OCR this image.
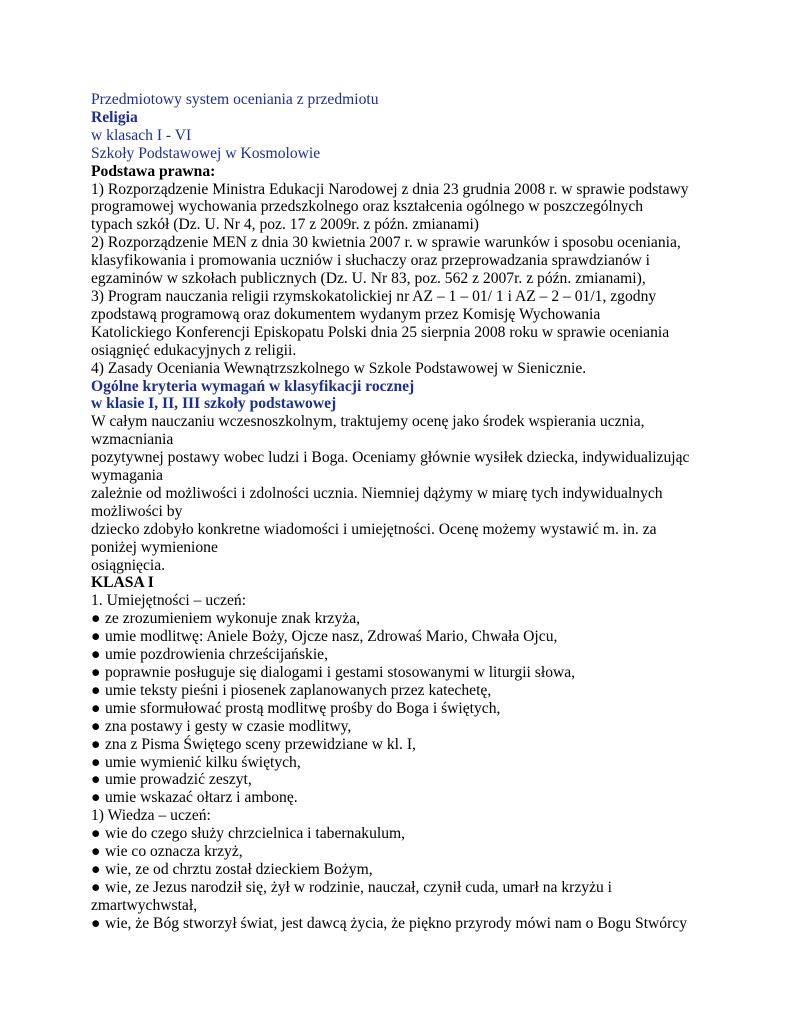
Przedmiotowy system oceniania z przedmiotu
Religia
w klasach I - VI
Szkoły Podstawowej w Kosmolowie
Podstawa prawna:
1) Rozporządzenie Ministra Edukacji Narodowej z dnia 23 grudnia 2008 r. w sprawie podstawy
programowej wychowania przedszkolnego oraz kształcenia ogólnego w poszczególnych
typach szkół (Dz. U. Nr 4, poz. 17 z 2009r. z późn. zmianami)
2) Rozporządzenie MEN z dnia 30 kwietnia 2007 r. w sprawie warunków i sposobu oceniania,
klasyfikowania i promowania uczniów i słuchaczy oraz przeprowadzania sprawdzianów i
egzaminów w szkołach publicznych (Dz. U. Nr 83, poz. 562 z 2007r. z późn. zmianami),
3) Program nauczania religii rzymskokatolickiej nr AZ – 1 – 01/ 1 i AZ – 2 – 01/1, zgodny
zpodstawą programową oraz dokumentem wydanym przez Komisję Wychowania
Katolickiego Konferencji Episkopatu Polski dnia 25 sierpnia 2008 roku w sprawie oceniania
osiągnięć edukacyjnych z religii.
4) Zasady Oceniania Wewnątrzszkolnego w Szkole Podstawowej w Sienicznie.
Ogólne kryteria wymagań w klasyfikacji rocznej
w klasie I, II, III szkoły podstawowej
W całym nauczaniu wczesnoszkolnym, traktujemy ocenę jako środek wspierania ucznia,
wzmacniania
pozytywnej postawy wobec ludzi i Boga. Oceniamy głównie wysiłek dziecka, indywidualizując
wymagania
zależnie od możliwości i zdolności ucznia. Niemniej dążymy w miarę tych indywidualnych
możliwości by
dziecko zdobyło konkretne wiadomości i umiejętności. Ocenę możemy wystawić m. in. za
poniżej wymienione
osiągnięcia.
KLASA I
1. Umiejętności – uczeń:
● ze zrozumieniem wykonuje znak krzyża,
● umie modlitwę: Aniele Boży, Ojcze nasz, Zdrowaś Mario, Chwała Ojcu,
● umie pozdrowienia chrześcijańskie,
● poprawnie posługuje się dialogami i gestami stosowanymi w liturgii słowa,
● umie teksty pieśni i piosenek zaplanowanych przez katechetę,
● umie sformułować prostą modlitwę prośby do Boga i świętych,
● zna postawy i gesty w czasie modlitwy,
● zna z Pisma Świętego sceny przewidziane w kl. I,
● umie wymienić kilku świętych,
● umie prowadzić zeszyt,
● umie wskazać ołtarz i ambonę.
1) Wiedza – uczeń:
● wie do czego służy chrzcielnica i tabernakulum,
● wie co oznacza krzyż,
● wie, ze od chrztu został dzieckiem Bożym,
● wie, ze Jezus narodził się, żył w rodzinie, nauczał, czynił cuda, umarł na krzyżu i
zmartwychwstał,
● wie, że Bóg stworzył świat, jest dawcą życia, że piękno przyrody mówi nam o Bogu Stwórcy
